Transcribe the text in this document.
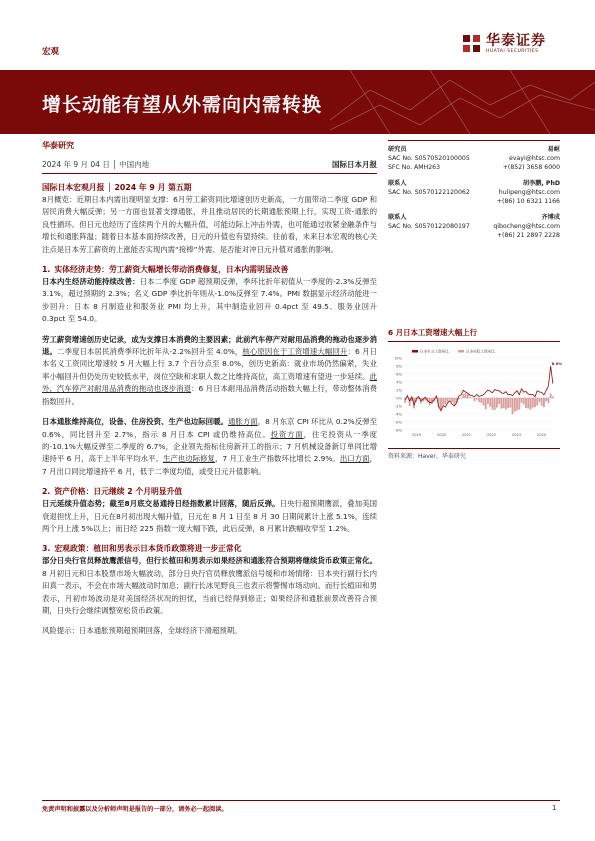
宏观
华泰证券
HUATAI SECURITIES
增长动能有望从外需向内需转换
华泰研究
2024 年 9 月 04 日 │ 中国内地	国际日本月报
国际日本宏观月报 │ 2024 年 9 月 第五期
8月概览：近期日本内需出现明显支撑：6月劳工薪资同比增速创历史新高，一方面带动二季度 GDP 和居民消费大幅反弹；另一方面也显著支撑通胀，并且推动居民的长期通胀预期上行，实现工资-通胀的良性循环。但日元也经历了连续两个月的大幅升值，可能边际上冲击外需，也可能通过收紧金融条件与增长和通胀阵温；随着日本基本面持续改善，日元的升值也有望持续。往前看，未来日本宏观的核心关注点是日本劳工薪资的上涨能否实现内需“接棒”外需、是否能对冲日元升值对通胀的影响。
1. 实体经济走势：劳工薪资大幅增长带动消费修复，日本内需明显改善
日本内生经济动能持续改善：日本二季度 GDP 超预期反弹，季环比折年初值从一季度的-2.3%反弹至 3.1%，超过预期的 2.3%；名义 GDP 季比折年则从-1.0%反弹至 7.4%。PMI 数据显示经济动能进一步回升：日本 8 月制造业和服务业 PMI 均上升，其中制造业回升 0.4pct 至 49.5、服务业回升 0.3pct 至 54.0。
劳工薪资增速创历史记录，成为支撑日本消费的主要因素；此前汽车停产对耐用品消费的拖动也逐步消退。二季度日本居民消费季环比折年从-2.2%回升至 4.0%，核心原因在于工资增速大幅回升：6 月日本名义工资同比增速较 5 月大幅上行 3.7 个百分点至 8.0%，创历史新高：就业市场仍然偏紧，失业率小幅回升但仍处历史较低水平，岗位空缺和求职人数之比维持高位，高工资增速有望进一步延续。此外，汽车停产对耐用品消费的拖动也逐步消退：6 月日本耐用品消费活动指数大幅上行，带动整体消费指数回升。
日本通胀维持高位，设备、住房投资、生产也边际回暖。通胀方面，8 月东京 CPI 环比从 0.2%反弹至 0.6%，同比回升至 2.7%，指示 8 月日本 CPI 或仍维持高位。投资方面，住宅投资从一季度的-10.1%大幅反弹至二季度的 6.7%，企业领先指标住房新开工的指示；7 月机械设备新订单同比增速持平 6 月，高于上半年平均水平。生产也边际修复，7 月工业生产指数环比增长 2.9%。出口方面，7 月出口同比增速持平 6 月，低于二季度均值，或受日元升值影响。
2. 资产价格：日元继续 2 个月明显升值
日元延续升值态势；截至8月底交易通持日经指数累计回落，随后反弹。日央行超预期鹰派，叠加美国衰退担忧上升，日元在8月初出现大幅升值，日元在 8 月 1 日至 8 月 30 日期间累计上涨 5.1%，连续两个月上涨 5%以上；而日经 225 指数一度大幅下跌，此后反弹，8 月累计跌幅收窄至 1.2%。
3. 宏观政策：植田和男表示日本货币政策将进一步正常化
部分日央行官员释放鹰派信号，但行长植田和男表示如果经济和通胀符合预期将继续货币政策正常化。8 月初日元和日本股票市场大幅波动，部分日央行官员释放鹰派信号缓和市场情绪：日本央行副行长内田真一表示，不会在市场大幅波动时加息；副行长冰见野良三也表示将警惕市场动向。而行长植田和男表示，月初市场波动是对美国经济状况的担忧，当前已经得到修正；如果经济和通胀前景改善符合预期，日央行会继续调整宽松货币政策。
风险提示：日本通胀预期超预期回落，全球经济下滑超预期。
研究员	易峘
SAC No. S0570520100005	evayi@htsc.com
SFC No. AMH263	+(852) 3658 6000
联系人	胡李鹏, PhD
SAC No. S0570122120062	hulipeng@htsc.com
+(86) 10 6321 1166
联系人	齐博成
SAC No. S0570122080197	qibocheng@htsc.com
+(86) 21 2897 2228
6 月日本工资增速大幅上行
10%
8%
6%
4%
2%
0%
-2%
-4%
-6%
-8%
2019	2020	2021	2022	2023	2024
8.0%
日本名义工资同比	日本实际工资同比
资料来源：Haver，华泰研究
免责声明和披露以及分析师声明是报告的一部分，请务必一起阅读。	1
